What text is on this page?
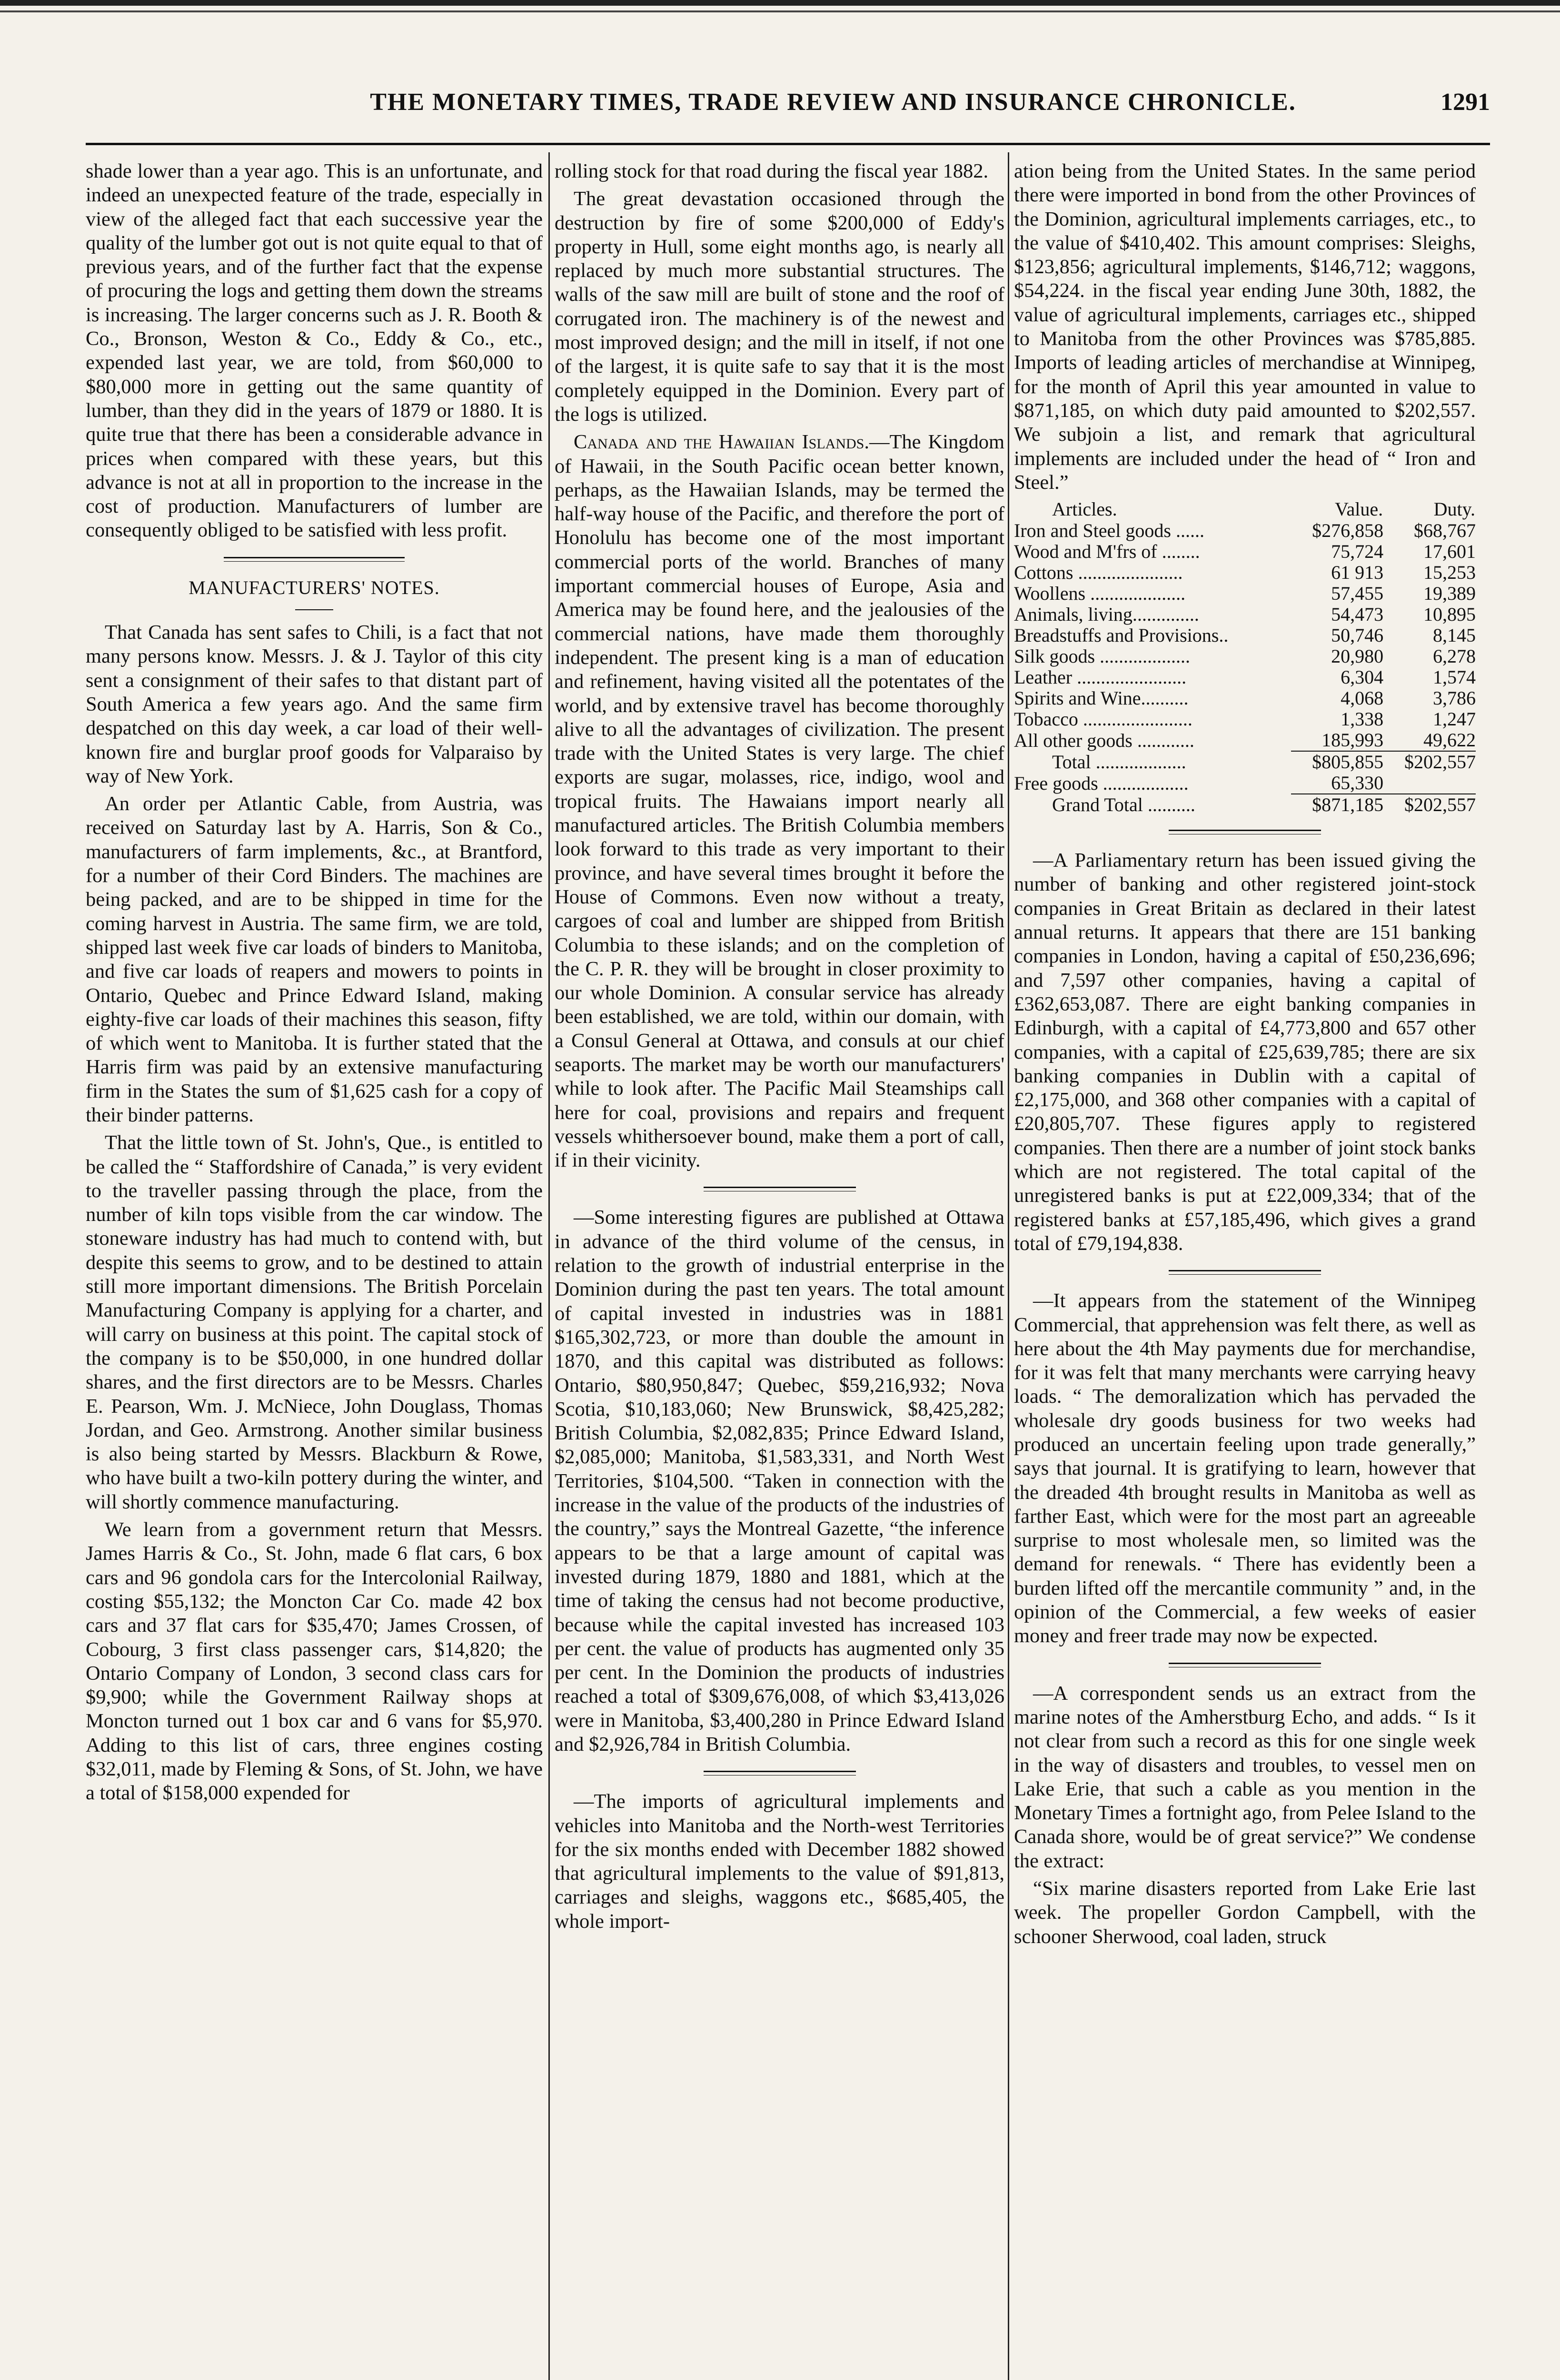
THE MONETARY TIMES, TRADE REVIEW AND INSURANCE CHRONICLE.	1291

shade lower than a year ago. This is an unfortunate, and indeed an unexpected feature of the trade, especially in view of the alleged fact that each successive year the quality of the lumber got out is not quite equal to that of previous years, and of the further fact that the expense of procuring the logs and getting them down the streams is increasing. The larger concerns such as J. R. Booth & Co., Bronson, Weston & Co., Eddy & Co., etc., expended last year, we are told, from $60,000 to $80,000 more in getting out the same quantity of lumber, than they did in the years of 1879 or 1880. It is quite true that there has been a considerable advance in prices when compared with these years, but this advance is not at all in proportion to the increase in the cost of production. Manufacturers of lumber are consequently obliged to be satisfied with less profit.

MANUFACTURERS' NOTES.

That Canada has sent safes to Chili, is a fact that not many persons know. Messrs. J. & J. Taylor of this city sent a consignment of their safes to that distant part of South America a few years ago. And the same firm despatched on this day week, a car load of their well-known fire and burglar proof goods for Valparaiso by way of New York.

An order per Atlantic Cable, from Austria, was received on Saturday last by A. Harris, Son & Co., manufacturers of farm implements, &c., at Brantford, for a number of their Cord Binders. The machines are being packed, and are to be shipped in time for the coming harvest in Austria. The same firm, we are told, shipped last week five car loads of binders to Manitoba, and five car loads of reapers and mowers to points in Ontario, Quebec and Prince Edward Island, making eighty-five car loads of their machines this season, fifty of which went to Manitoba. It is further stated that the Harris firm was paid by an extensive manufacturing firm in the States the sum of $1,625 cash for a copy of their binder patterns.

That the little town of St. John's, Que., is entitled to be called the “ Staffordshire of Canada,” is very evident to the traveller passing through the place, from the number of kiln tops visible from the car window. The stoneware industry has had much to contend with, but despite this seems to grow, and to be destined to attain still more important dimensions. The British Porcelain Manufacturing Company is applying for a charter, and will carry on business at this point. The capital stock of the company is to be $50,000, in one hundred dollar shares, and the first directors are to be Messrs. Charles E. Pearson, Wm. J. McNiece, John Douglass, Thomas Jordan, and Geo. Armstrong. Another similar business is also being started by Messrs. Blackburn & Rowe, who have built a two-kiln pottery during the winter, and will shortly commence manufacturing.

We learn from a government return that Messrs. James Harris & Co., St. John, made 6 flat cars, 6 box cars and 96 gondola cars for the Intercolonial Railway, costing $55,132; the Moncton Car Co. made 42 box cars and 37 flat cars for $35,470; James Crossen, of Cobourg, 3 first class passenger cars, $14,820; the Ontario Company of London, 3 second class cars for $9,900; while the Government Railway shops at Moncton turned out 1 box car and 6 vans for $5,970. Adding to this list of cars, three engines costing $32,011, made by Fleming & Sons, of St. John, we have a total of $158,000 expended for

rolling stock for that road during the fiscal year 1882.

The great devastation occasioned through the destruction by fire of some $200,000 of Eddy's property in Hull, some eight months ago, is nearly all replaced by much more substantial structures. The walls of the saw mill are built of stone and the roof of corrugated iron. The machinery is of the newest and most improved design; and the mill in itself, if not one of the largest, it is quite safe to say that it is the most completely equipped in the Dominion. Every part of the logs is utilized.

Canada and the Hawaiian Islands.—The Kingdom of Hawaii, in the South Pacific ocean better known, perhaps, as the Hawaiian Islands, may be termed the half-way house of the Pacific, and therefore the port of Honolulu has become one of the most important commercial ports of the world. Branches of many important commercial houses of Europe, Asia and America may be found here, and the jealousies of the commercial nations, have made them thoroughly independent. The present king is a man of education and refinement, having visited all the potentates of the world, and by extensive travel has become thoroughly alive to all the advantages of civilization. The present trade with the United States is very large. The chief exports are sugar, molasses, rice, indigo, wool and tropical fruits. The Hawaians import nearly all manufactured articles. The British Columbia members look forward to this trade as very important to their province, and have several times brought it before the House of Commons. Even now without a treaty, cargoes of coal and lumber are shipped from British Columbia to these islands; and on the completion of the C. P. R. they will be brought in closer proximity to our whole Dominion. A consular service has already been established, we are told, within our domain, with a Consul General at Ottawa, and consuls at our chief seaports. The market may be worth our manufacturers' while to look after. The Pacific Mail Steamships call here for coal, provisions and repairs and frequent vessels whithersoever bound, make them a port of call, if in their vicinity.

—Some interesting figures are published at Ottawa in advance of the third volume of the census, in relation to the growth of industrial enterprise in the Dominion during the past ten years. The total amount of capital invested in industries was in 1881 $165,302,723, or more than double the amount in 1870, and this capital was distributed as follows: Ontario, $80,950,847; Quebec, $59,216,932; Nova Scotia, $10,183,060; New Brunswick, $8,425,282; British Columbia, $2,082,835; Prince Edward Island, $2,085,000; Manitoba, $1,583,331, and North West Territories, $104,500. “Taken in connection with the increase in the value of the products of the industries of the country,” says the Montreal Gazette, “the inference appears to be that a large amount of capital was invested during 1879, 1880 and 1881, which at the time of taking the census had not become productive, because while the capital invested has increased 103 per cent. the value of products has augmented only 35 per cent. In the Dominion the products of industries reached a total of $309,676,008, of which $3,413,026 were in Manitoba, $3,400,280 in Prince Edward Island and $2,926,784 in British Columbia.

—The imports of agricultural implements and vehicles into Manitoba and the North-west Territories for the six months ended with December 1882 showed that agricultural implements to the value of $91,813, carriages and sleighs, waggons etc., $685,405, the whole import-

ation being from the United States. In the same period there were imported in bond from the other Provinces of the Dominion, agricultural implements carriages, etc., to the value of $410,402. This amount comprises: Sleighs, $123,856; agricultural implements, $146,712; waggons, $54,224. in the fiscal year ending June 30th, 1882, the value of agricultural implements, carriages etc., shipped to Manitoba from the other Provinces was $785,885. Imports of leading articles of merchandise at Winnipeg, for the month of April this year amounted in value to $871,185, on which duty paid amounted to $202,557. We subjoin a list, and remark that agricultural implements are included under the head of “ Iron and Steel.”

Articles.	Value.	Duty.
Iron and Steel goods ......	$276,858	$68,767
Wood and M'frs of ........	75,724	17,601
Cottons ......................	61 913	15,253
Woollens ....................	57,455	19,389
Animals, living..............	54,473	10,895
Breadstuffs and Provisions..	50,746	8,145
Silk goods ...................	20,980	6,278
Leather .......................	6,304	1,574
Spirits and Wine..........	4,068	3,786
Tobacco .......................	1,338	1,247
All other goods ............	185,993	49,622
Total ...................	$805,855	$202,557
Free goods ..................	65,330	
Grand Total ..........	$871,185	$202,557

—A Parliamentary return has been issued giving the number of banking and other registered joint-stock companies in Great Britain as declared in their latest annual returns. It appears that there are 151 banking companies in London, having a capital of £50,236,696; and 7,597 other companies, having a capital of £362,653,087. There are eight banking companies in Edinburgh, with a capital of £4,773,800 and 657 other companies, with a capital of £25,639,785; there are six banking companies in Dublin with a capital of £2,175,000, and 368 other companies with a capital of £20,805,707. These figures apply to registered companies. Then there are a number of joint stock banks which are not registered. The total capital of the unregistered banks is put at £22,009,334; that of the registered banks at £57,185,496, which gives a grand total of £79,194,838.

—It appears from the statement of the Winnipeg Commercial, that apprehension was felt there, as well as here about the 4th May payments due for merchandise, for it was felt that many merchants were carrying heavy loads. “ The demoralization which has pervaded the wholesale dry goods business for two weeks had produced an uncertain feeling upon trade generally,” says that journal. It is gratifying to learn, however that the dreaded 4th brought results in Manitoba as well as farther East, which were for the most part an agreeable surprise to most wholesale men, so limited was the demand for renewals. “ There has evidently been a burden lifted off the mercantile community ” and, in the opinion of the Commercial, a few weeks of easier money and freer trade may now be expected.

—A correspondent sends us an extract from the marine notes of the Amherstburg Echo, and adds. “ Is it not clear from such a record as this for one single week in the way of disasters and troubles, to vessel men on Lake Erie, that such a cable as you mention in the Monetary Times a fortnight ago, from Pelee Island to the Canada shore, would be of great service?” We condense the extract:

“Six marine disasters reported from Lake Erie last week. The propeller Gordon Campbell, with the schooner Sherwood, coal laden, struck
